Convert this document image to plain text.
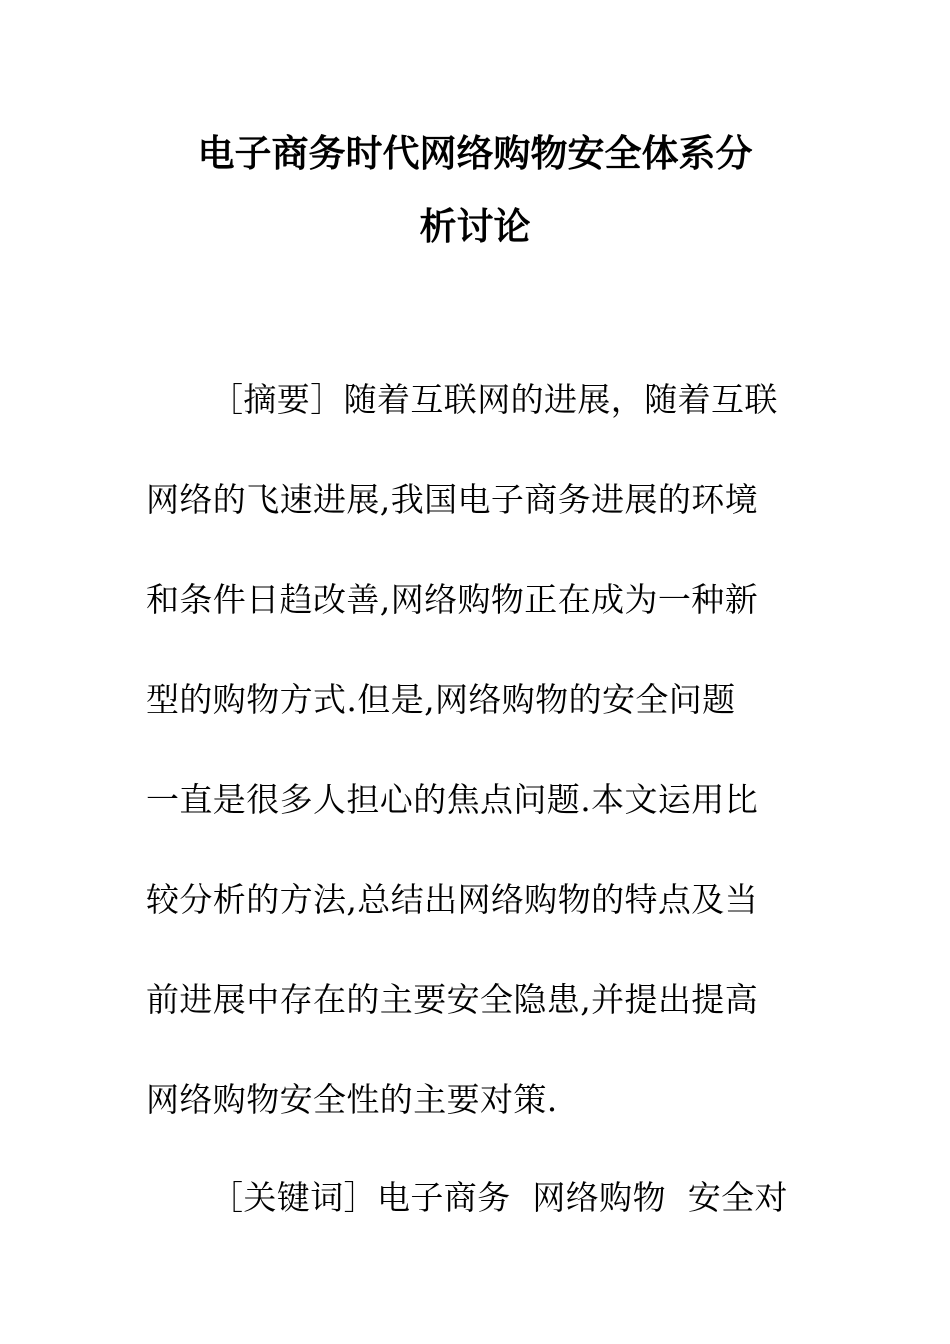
电子商务时代网络购物安全体系分
析讨论
［摘要］随着互联网的进展，随着互联
网络的飞速进展,我国电子商务进展的环境
和条件日趋改善,网络购物正在成为一种新
型的购物方式.但是,网络购物的安全问题
一直是很多人担心的焦点问题.本文运用比
较分析的方法,总结出网络购物的特点及当
前进展中存在的主要安全隐患,并提出提高
网络购物安全性的主要对策.
［关键词］电子商务  网络购物  安全对
